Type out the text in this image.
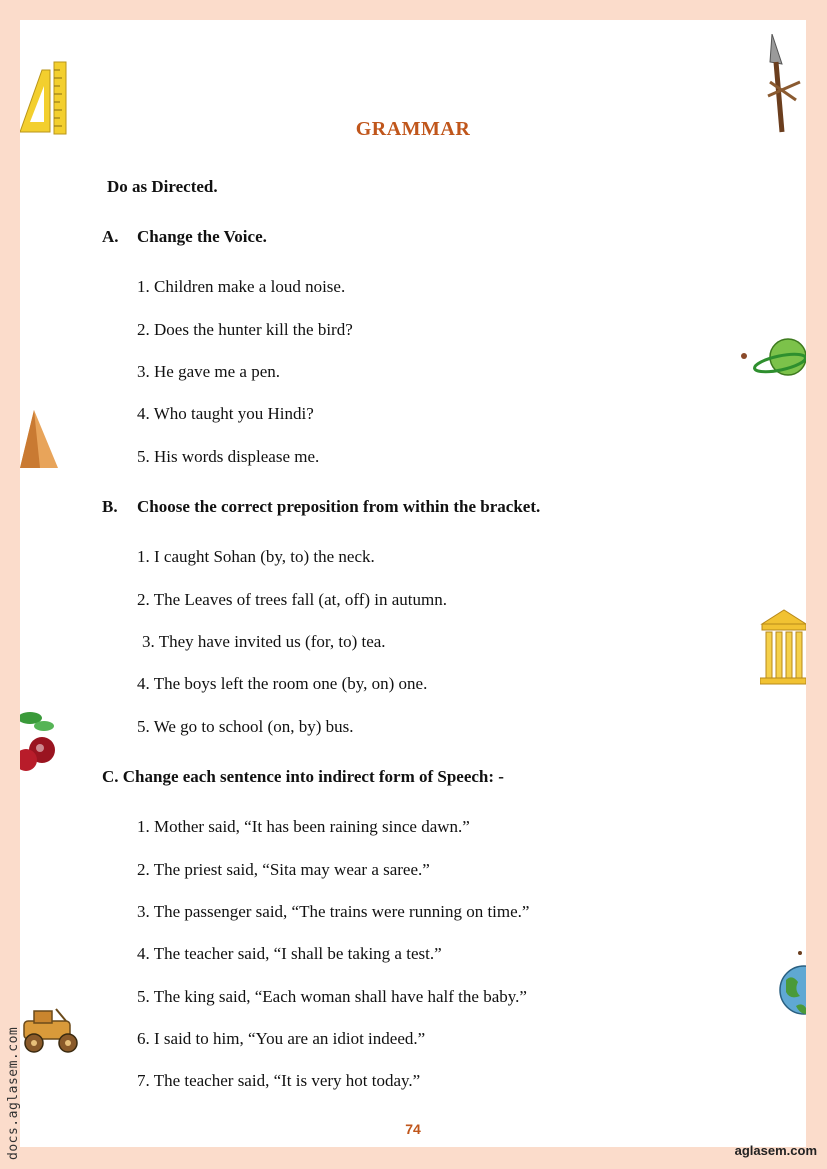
GRAMMAR
Do as Directed.
A. Change the Voice.
1. Children make a loud noise.
2. Does the hunter kill the bird?
3. He gave me a pen.
4. Who taught you Hindi?
5. His words displease me.
B. Choose the correct preposition from within the bracket.
1. I caught Sohan (by, to) the neck.
2. The Leaves of trees fall (at, off) in autumn.
3. They have invited us (for, to) tea.
4. The boys left the room one (by, on) one.
5. We go to school (on, by) bus.
C. Change each sentence into indirect form of Speech: -
1. Mother said, “It has been raining since dawn.”
2. The priest said, “Sita may wear a saree.”
3. The passenger said, “The trains were running on time.”
4. The teacher said, “I shall be taking a test.”
5. The king said, “Each woman shall have half the baby.”
6. I said to him, “You are an idiot indeed.”
7. The teacher said, “It is very hot today.”
74
docs.aglasem.com	aglasem.com
